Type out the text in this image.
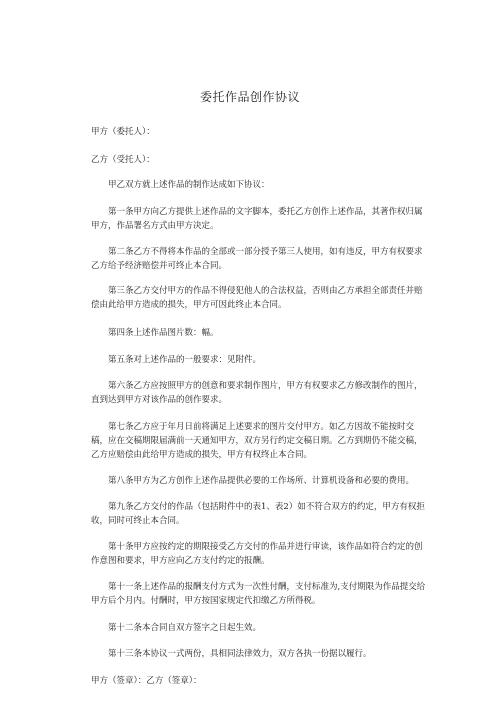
委托作品创作协议
甲方（委托人）：
乙方（受托人）：
甲乙双方就上述作品的制作达成如下协议：
第一条甲方向乙方提供上述作品的文字脚本，委托乙方创作上述作品，其著作权归属甲方，作品署名方式由甲方决定。
第二条乙方不得将本作品的全部或一部分授予第三人使用，如有违反，甲方有权要求乙方给予经济赔偿并可终止本合同。
第三条乙方交付甲方的作品不得侵犯他人的合法权益，否则由乙方承担全部责任并赔偿由此给甲方造成的损失，甲方可因此终止本合同。
第四条上述作品图片数：幅。
第五条对上述作品的一般要求：见附件。
第六条乙方应按照甲方的创意和要求制作图片，甲方有权要求乙方修改制作的图片，直到达到甲方对该作品的创作要求。
第七条乙方应于年月日前将满足上述要求的图片交付甲方。如乙方因故不能按时交稿，应在交稿期限届满前一天通知甲方，双方另行约定交稿日期。乙方到期仍不能交稿，乙方应赔偿由此给甲方造成的损失，甲方有权终止本合同。
第八条甲方为乙方创作上述作品提供必要的工作场所、计算机设备和必要的费用。
第九条乙方交付的作品（包括附件中的表1、表2）如不符合双方的约定，甲方有权拒收，同时可终止本合同。
第十条甲方应按约定的期限接受乙方交付的作品并进行审读，该作品如符合约定的创作意图和要求，甲方应向乙方支付约定的报酬。
第十一条上述作品的报酬支付方式为一次性付酬，支付标准为,支付期限为作品提交给甲方后个月内。付酬时，甲方按国家规定代扣缴乙方所得税。
第十二条本合同自双方签字之日起生效。
第十三条本协议一式两份，具相同法律效力，双方各执一份据以履行。
甲方（签章）：乙方（签章）：
